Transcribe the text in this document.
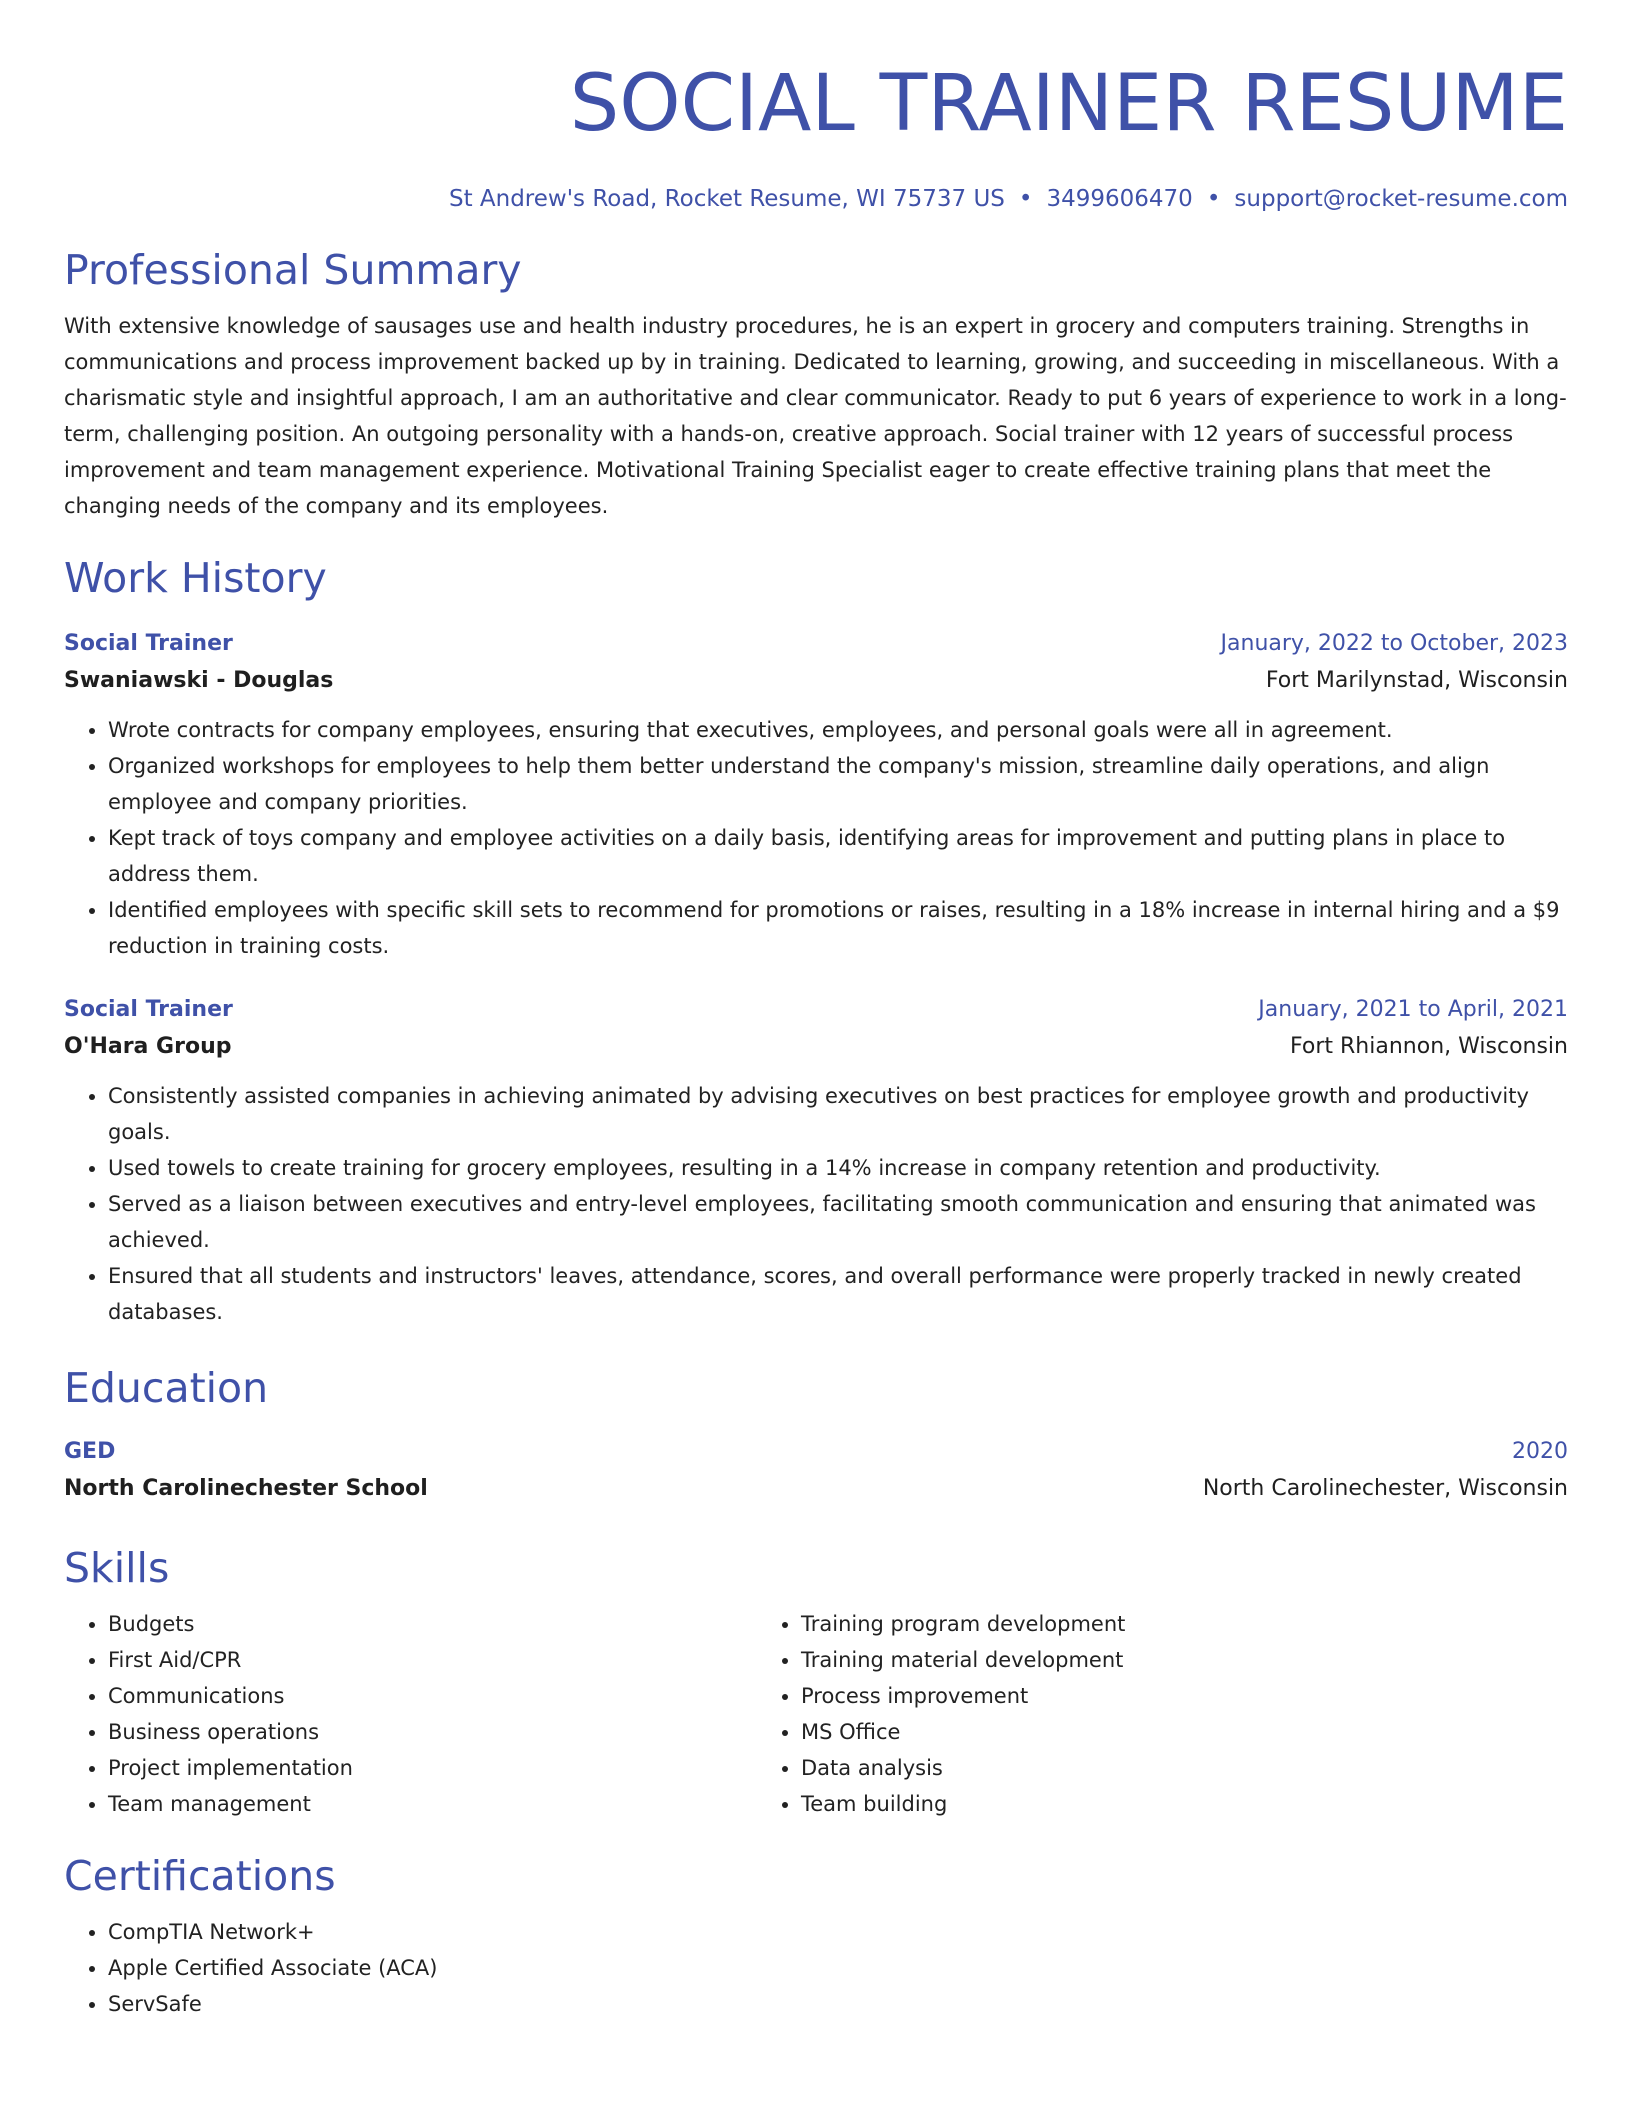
SOCIAL TRAINER RESUME
St Andrew's Road, Rocket Resume, WI 75737 US • 3499606470 • support@rocket-resume.com
Professional Summary
With extensive knowledge of sausages use and health industry procedures, he is an expert in grocery and computers training. Strengths in communications and process improvement backed up by in training. Dedicated to learning, growing, and succeeding in miscellaneous. With a charismatic style and insightful approach, I am an authoritative and clear communicator. Ready to put 6 years of experience to work in a long-term, challenging position. An outgoing personality with a hands-on, creative approach. Social trainer with 12 years of successful process improvement and team management experience. Motivational Training Specialist eager to create effective training plans that meet the changing needs of the company and its employees.
Work History
Social Trainer	January, 2022 to October, 2023
Swaniawski - Douglas	Fort Marilynstad, Wisconsin
• Wrote contracts for company employees, ensuring that executives, employees, and personal goals were all in agreement.
• Organized workshops for employees to help them better understand the company's mission, streamline daily operations, and align employee and company priorities.
• Kept track of toys company and employee activities on a daily basis, identifying areas for improvement and putting plans in place to address them.
• Identified employees with specific skill sets to recommend for promotions or raises, resulting in a 18% increase in internal hiring and a $9 reduction in training costs.
Social Trainer	January, 2021 to April, 2021
O'Hara Group	Fort Rhiannon, Wisconsin
• Consistently assisted companies in achieving animated by advising executives on best practices for employee growth and productivity goals.
• Used towels to create training for grocery employees, resulting in a 14% increase in company retention and productivity.
• Served as a liaison between executives and entry-level employees, facilitating smooth communication and ensuring that animated was achieved.
• Ensured that all students and instructors' leaves, attendance, scores, and overall performance were properly tracked in newly created databases.
Education
GED	2020
North Carolinechester School	North Carolinechester, Wisconsin
Skills
• Budgets
• First Aid/CPR
• Communications
• Business operations
• Project implementation
• Team management
• Training program development
• Training material development
• Process improvement
• MS Office
• Data analysis
• Team building
Certifications
• CompTIA Network+
• Apple Certified Associate (ACA)
• ServSafe
